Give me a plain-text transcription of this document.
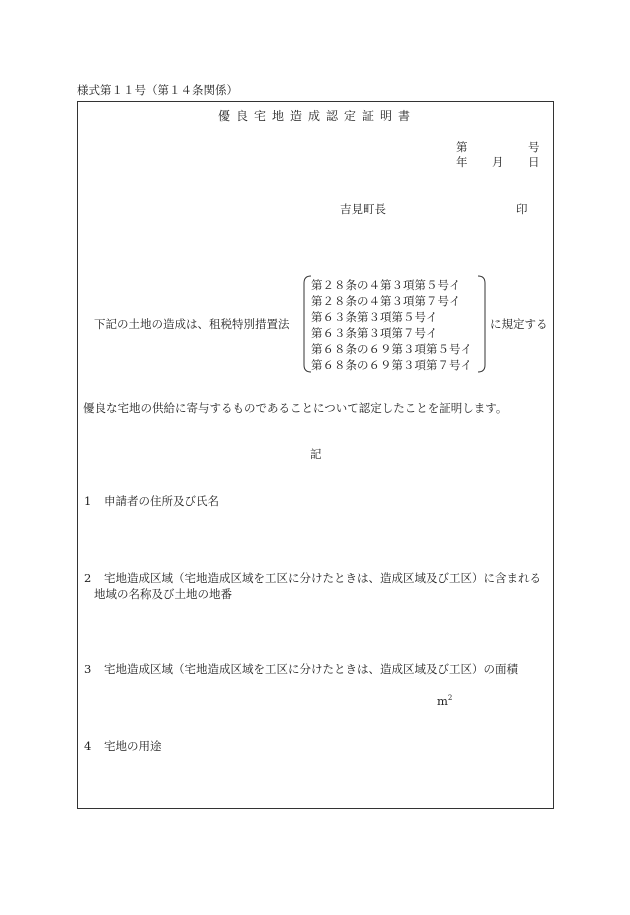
様式第１１号（第１４条関係）
優良宅地造成認定証明書
第	号
年 月 日
吉見町長	印
下記の土地の造成は、租税特別措置法
第２８条の４第３項第５号イ
第２８条の４第３項第７号イ
第６３条第３項第５号イ
第６３条第３項第７号イ
第６８条の６９第３項第５号イ
第６８条の６９第３項第７号イ
に規定する
優良な宅地の供給に寄与するものであることについて認定したことを証明します。
記
1 申請者の住所及び氏名
2 宅地造成区域（宅地造成区域を工区に分けたときは、造成区域及び工区）に含まれる
地域の名称及び土地の地番
3 宅地造成区域（宅地造成区域を工区に分けたときは、造成区域及び工区）の面積
$m^2$
4 宅地の用途
